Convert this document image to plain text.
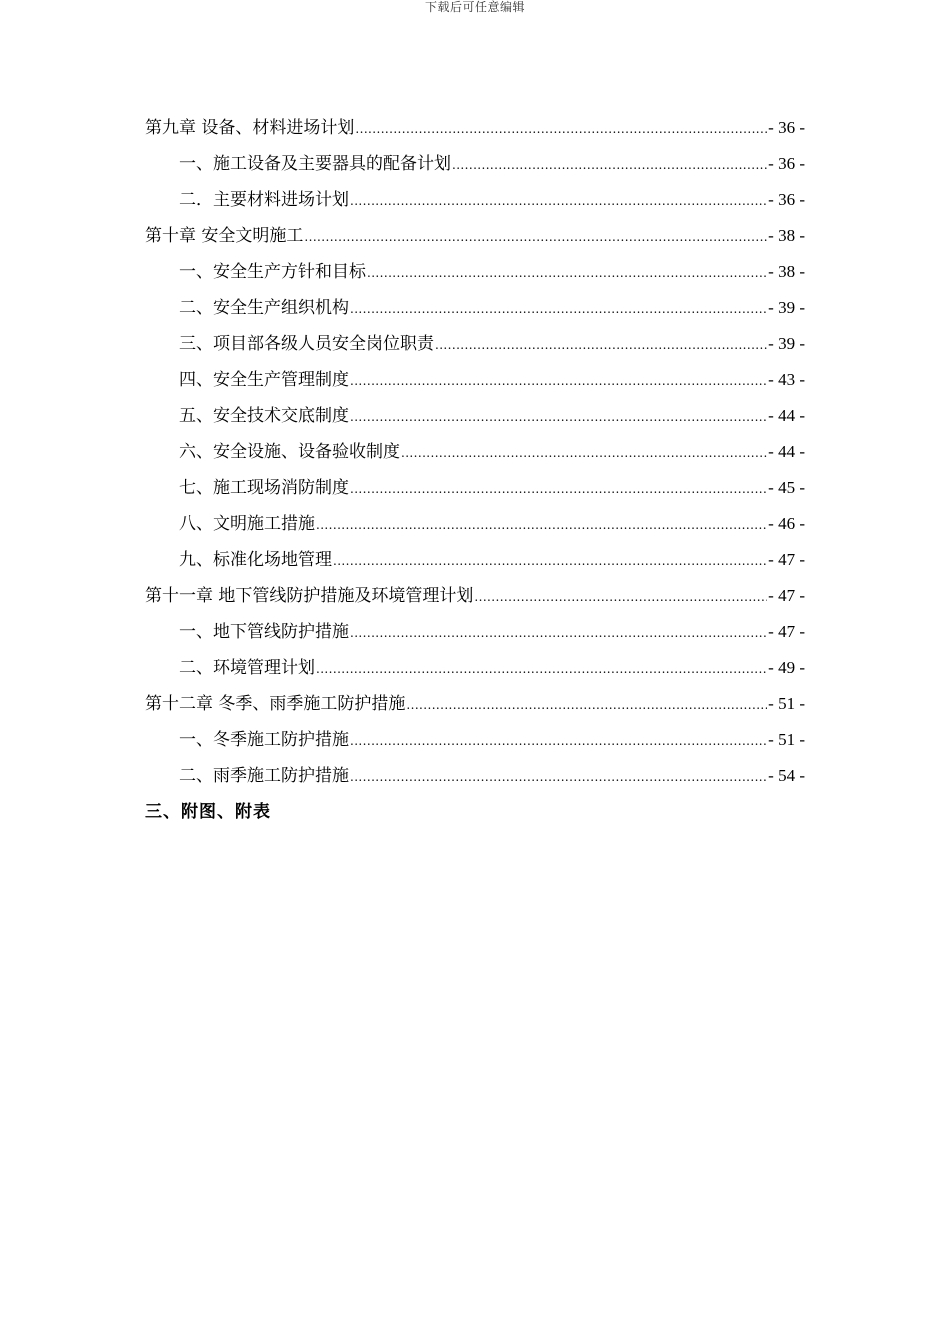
下载后可任意编辑
第九章 设备、材料进场计划 .....	- 36 -
一、施工设备及主要器具的配备计划 .....	- 36 -
二．主要材料进场计划 .....	- 36 -
第十章 安全文明施工 .....	- 38 -
一、安全生产方针和目标 .....	- 38 -
二、安全生产组织机构 .....	- 39 -
三、项目部各级人员安全岗位职责 .....	- 39 -
四、安全生产管理制度 .....	- 43 -
五、安全技术交底制度 .....	- 44 -
六、安全设施、设备验收制度 .....	- 44 -
七、施工现场消防制度 .....	- 45 -
八、文明施工措施 .....	- 46 -
九、标准化场地管理 .....	- 47 -
第十一章 地下管线防护措施及环境管理计划 .....	- 47 -
一、地下管线防护措施 .....	- 47 -
二、环境管理计划 .....	- 49 -
第十二章 冬季、雨季施工防护措施 .....	- 51 -
一、冬季施工防护措施 .....	- 51 -
二、雨季施工防护措施 .....	- 54 -
三、附图、附表
